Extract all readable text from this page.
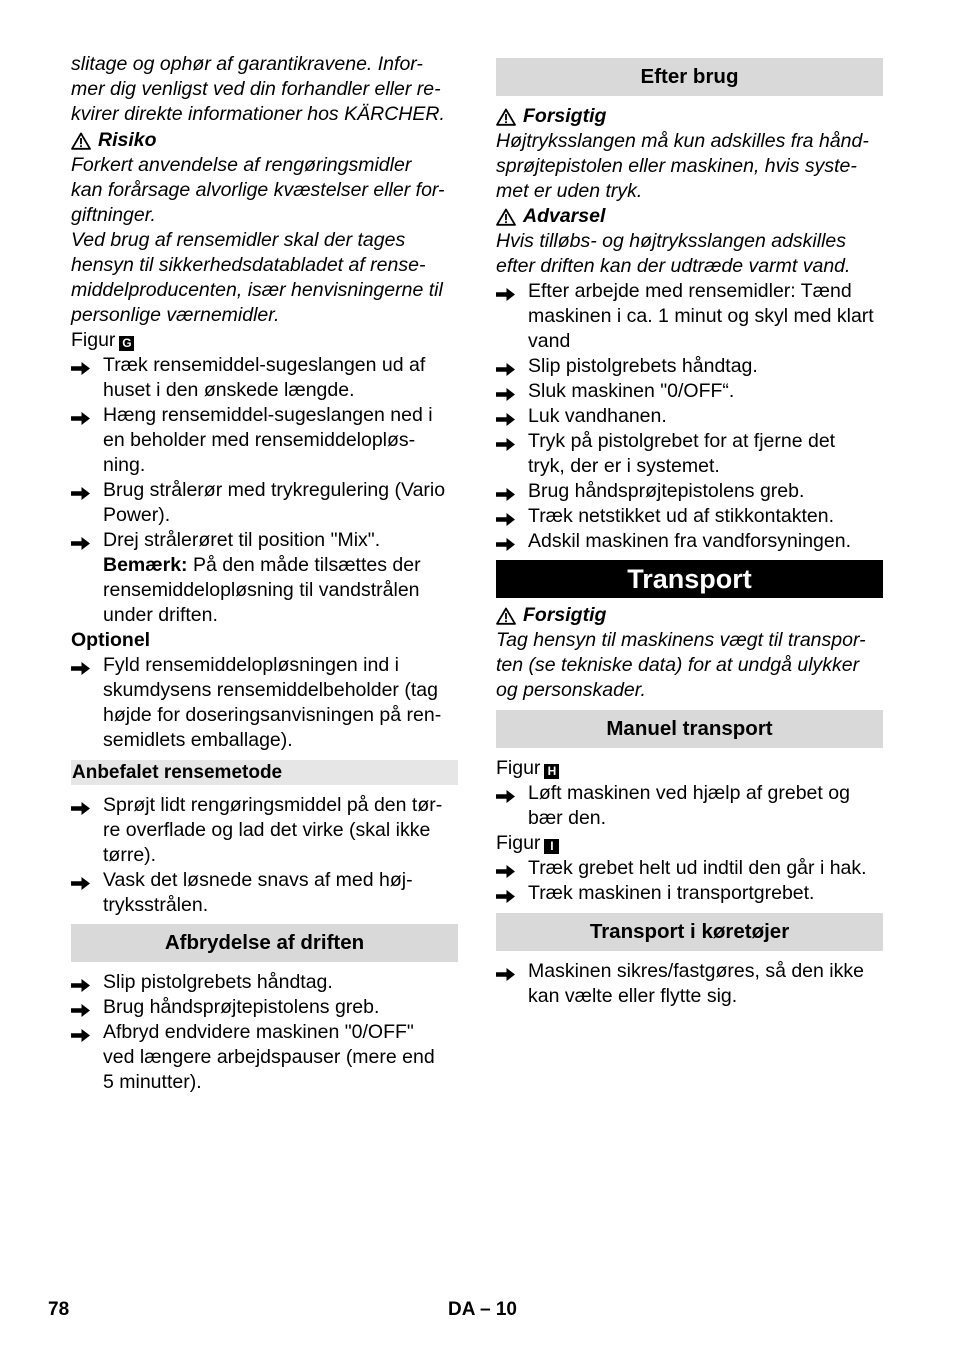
slitage og ophør af garantikravene. Infor-
mer dig venligst ved din forhandler eller re-
kvirer direkte informationer hos KÄRCHER.

Risiko

Forkert anvendelse af rengøringsmidler
kan forårsage alvorlige kvæstelser eller for-
giftninger.

Ved brug af rensemidler skal der tages
hensyn til sikkerhedsdatabladet af rense-
middelproducenten, især henvisningerne til
personlige værnemidler.

Figur G

Træk rensemiddel-sugeslangen ud af
huset i den ønskede længde.
Hæng rensemiddel-sugeslangen ned i
en beholder med rensemiddelopløs-
ning.
Brug strålerør med trykregulering (Vario
Power).
Drej strålerøret til position "Mix".

Bemærk: På den måde tilsættes der
rensemiddelopløsning til vandstrålen
under driften.

Optionel

Fyld rensemiddelopløsningen ind i
skumdysens rensemiddelbeholder (tag
højde for doseringsanvisningen på ren-
semidlets emballage).
Anbefalet rensemetode
Sprøjt lidt rengøringsmiddel på den tør-
re overflade og lad det virke (skal ikke
tørre).
Vask det løsnede snavs af med høj-
tryksstrålen.
Afbrydelse af driften
Slip pistolgrebets håndtag.
Brug håndsprøjtepistolens greb.
Afbryd endvidere maskinen "0/OFF"
ved længere arbejdspauser (mere end
5 minutter).
Efter brug

Forsigtig

Højtryksslangen må kun adskilles fra hånd-
sprøjtepistolen eller maskinen, hvis syste-
met er uden tryk.

Advarsel

Hvis tilløbs- og højtryksslangen adskilles
efter driften kan der udtræde varmt vand.

Efter arbejde med rensemidler: Tænd
maskinen i ca. 1 minut og skyl med klart
vand
Slip pistolgrebets håndtag.
Sluk maskinen "0/OFF“.
Luk vandhanen.
Tryk på pistolgrebet for at fjerne det
tryk, der er i systemet.
Brug håndsprøjtepistolens greb.
Træk netstikket ud af stikkontakten.
Adskil maskinen fra vandforsyningen.
Transport

Forsigtig

Tag hensyn til maskinens vægt til transpor-
ten (se tekniske data) for at undgå ulykker
og personskader.

Manuel transport

Figur H

Løft maskinen ved hjælp af grebet og
bær den.

Figur I

Træk grebet helt ud indtil den går i hak.
Træk maskinen i transportgrebet.
Transport i køretøjer
Maskinen sikres/fastgøres, så den ikke
kan vælte eller flytte sig.
78	DA – 10
